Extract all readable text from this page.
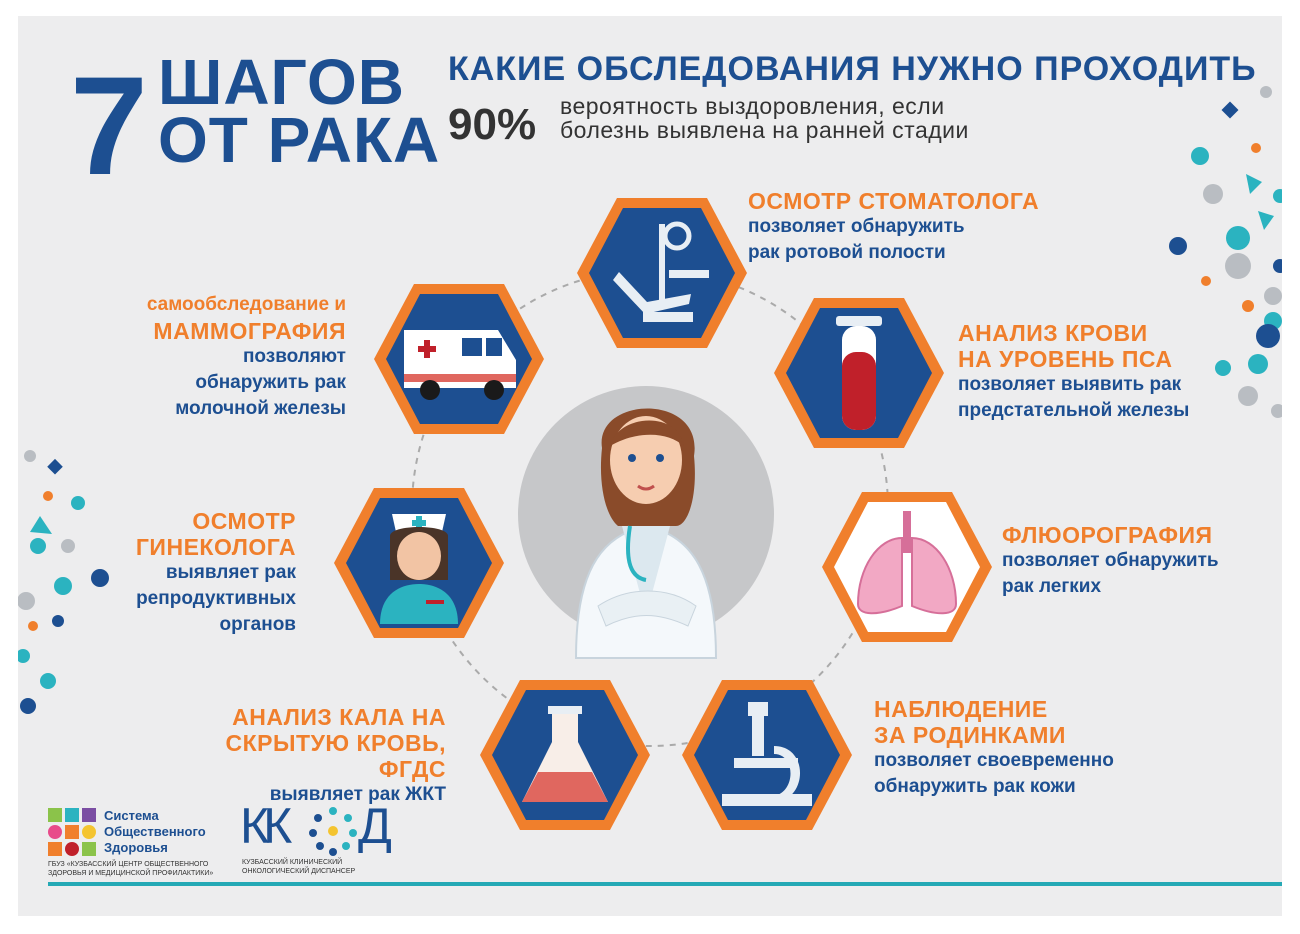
7 ШАГОВ
ОТ РАКА
КАКИЕ ОБСЛЕДОВАНИЯ НУЖНО ПРОХОДИТЬ
90% вероятность выздоровления, если
болезнь выявлена на ранней стадии
ОСМОТР СТОМАТОЛОГА
позволяет обнаружить
рак ротовой полости
АНАЛИЗ КРОВИ
НА УРОВЕНЬ ПСА
позволяет выявить рак
предстательной железы
ФЛЮОРОГРАФИЯ
позволяет обнаружить
рак легких
НАБЛЮДЕНИЕ
ЗА РОДИНКАМИ
позволяет своевременно
обнаружить рак кожи
АНАЛИЗ КАЛА НА
СКРЫТУЮ КРОВЬ, ФГДС
выявляет рак ЖКТ
ОСМОТР
ГИНЕКОЛОГА
выявляет рак
репродуктивных
органов
самообследование и
МАММОГРАФИЯ
позволяют
обнаружить рак
молочной железы
Система
Общественного
Здоровья
ГБУЗ «КУЗБАССКИЙ ЦЕНТР ОБЩЕСТВЕННОГО
ЗДОРОВЬЯ И МЕДИЦИНСКОЙ ПРОФИЛАКТИКИ»
КК Д
КУЗБАССКИЙ КЛИНИЧЕСКИЙ
ОНКОЛОГИЧЕСКИЙ ДИСПАНСЕР
